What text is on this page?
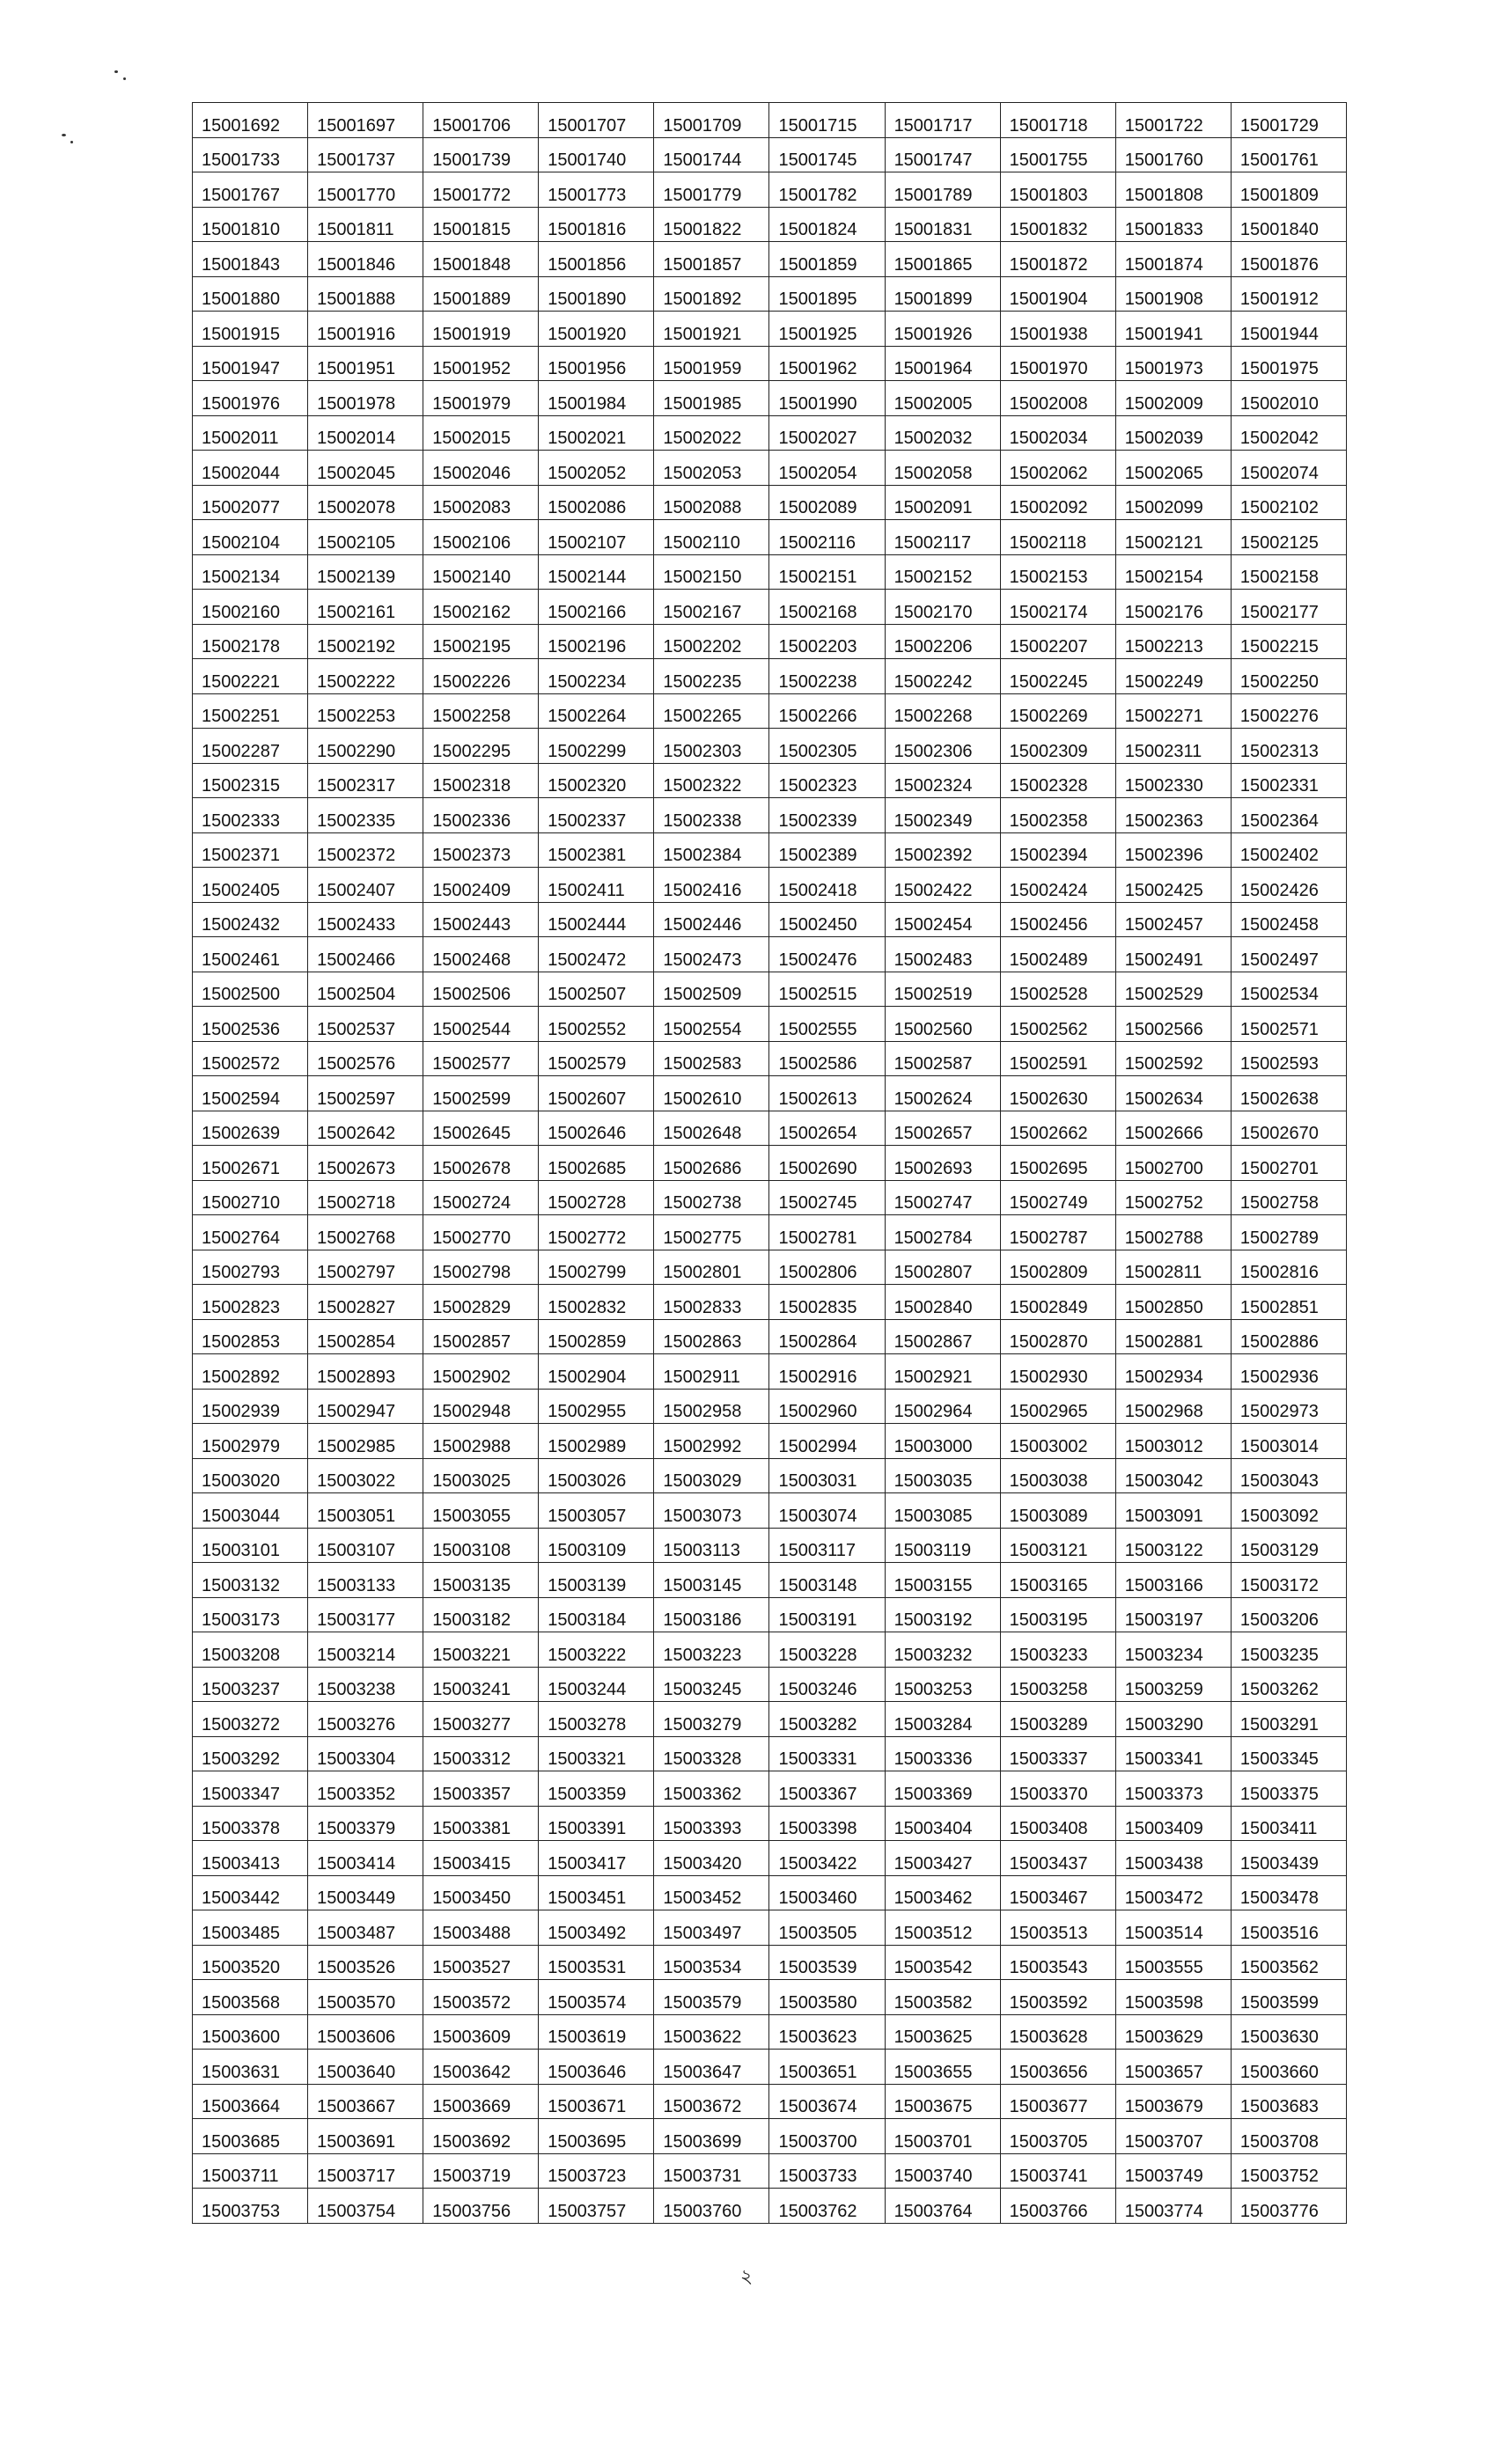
15001692	15001697	15001706	15001707	15001709	15001715	15001717	15001718	15001722	15001729
15001733	15001737	15001739	15001740	15001744	15001745	15001747	15001755	15001760	15001761
15001767	15001770	15001772	15001773	15001779	15001782	15001789	15001803	15001808	15001809
15001810	15001811	15001815	15001816	15001822	15001824	15001831	15001832	15001833	15001840
15001843	15001846	15001848	15001856	15001857	15001859	15001865	15001872	15001874	15001876
15001880	15001888	15001889	15001890	15001892	15001895	15001899	15001904	15001908	15001912
15001915	15001916	15001919	15001920	15001921	15001925	15001926	15001938	15001941	15001944
15001947	15001951	15001952	15001956	15001959	15001962	15001964	15001970	15001973	15001975
15001976	15001978	15001979	15001984	15001985	15001990	15002005	15002008	15002009	15002010
15002011	15002014	15002015	15002021	15002022	15002027	15002032	15002034	15002039	15002042
15002044	15002045	15002046	15002052	15002053	15002054	15002058	15002062	15002065	15002074
15002077	15002078	15002083	15002086	15002088	15002089	15002091	15002092	15002099	15002102
15002104	15002105	15002106	15002107	15002110	15002116	15002117	15002118	15002121	15002125
15002134	15002139	15002140	15002144	15002150	15002151	15002152	15002153	15002154	15002158
15002160	15002161	15002162	15002166	15002167	15002168	15002170	15002174	15002176	15002177
15002178	15002192	15002195	15002196	15002202	15002203	15002206	15002207	15002213	15002215
15002221	15002222	15002226	15002234	15002235	15002238	15002242	15002245	15002249	15002250
15002251	15002253	15002258	15002264	15002265	15002266	15002268	15002269	15002271	15002276
15002287	15002290	15002295	15002299	15002303	15002305	15002306	15002309	15002311	15002313
15002315	15002317	15002318	15002320	15002322	15002323	15002324	15002328	15002330	15002331
15002333	15002335	15002336	15002337	15002338	15002339	15002349	15002358	15002363	15002364
15002371	15002372	15002373	15002381	15002384	15002389	15002392	15002394	15002396	15002402
15002405	15002407	15002409	15002411	15002416	15002418	15002422	15002424	15002425	15002426
15002432	15002433	15002443	15002444	15002446	15002450	15002454	15002456	15002457	15002458
15002461	15002466	15002468	15002472	15002473	15002476	15002483	15002489	15002491	15002497
15002500	15002504	15002506	15002507	15002509	15002515	15002519	15002528	15002529	15002534
15002536	15002537	15002544	15002552	15002554	15002555	15002560	15002562	15002566	15002571
15002572	15002576	15002577	15002579	15002583	15002586	15002587	15002591	15002592	15002593
15002594	15002597	15002599	15002607	15002610	15002613	15002624	15002630	15002634	15002638
15002639	15002642	15002645	15002646	15002648	15002654	15002657	15002662	15002666	15002670
15002671	15002673	15002678	15002685	15002686	15002690	15002693	15002695	15002700	15002701
15002710	15002718	15002724	15002728	15002738	15002745	15002747	15002749	15002752	15002758
15002764	15002768	15002770	15002772	15002775	15002781	15002784	15002787	15002788	15002789
15002793	15002797	15002798	15002799	15002801	15002806	15002807	15002809	15002811	15002816
15002823	15002827	15002829	15002832	15002833	15002835	15002840	15002849	15002850	15002851
15002853	15002854	15002857	15002859	15002863	15002864	15002867	15002870	15002881	15002886
15002892	15002893	15002902	15002904	15002911	15002916	15002921	15002930	15002934	15002936
15002939	15002947	15002948	15002955	15002958	15002960	15002964	15002965	15002968	15002973
15002979	15002985	15002988	15002989	15002992	15002994	15003000	15003002	15003012	15003014
15003020	15003022	15003025	15003026	15003029	15003031	15003035	15003038	15003042	15003043
15003044	15003051	15003055	15003057	15003073	15003074	15003085	15003089	15003091	15003092
15003101	15003107	15003108	15003109	15003113	15003117	15003119	15003121	15003122	15003129
15003132	15003133	15003135	15003139	15003145	15003148	15003155	15003165	15003166	15003172
15003173	15003177	15003182	15003184	15003186	15003191	15003192	15003195	15003197	15003206
15003208	15003214	15003221	15003222	15003223	15003228	15003232	15003233	15003234	15003235
15003237	15003238	15003241	15003244	15003245	15003246	15003253	15003258	15003259	15003262
15003272	15003276	15003277	15003278	15003279	15003282	15003284	15003289	15003290	15003291
15003292	15003304	15003312	15003321	15003328	15003331	15003336	15003337	15003341	15003345
15003347	15003352	15003357	15003359	15003362	15003367	15003369	15003370	15003373	15003375
15003378	15003379	15003381	15003391	15003393	15003398	15003404	15003408	15003409	15003411
15003413	15003414	15003415	15003417	15003420	15003422	15003427	15003437	15003438	15003439
15003442	15003449	15003450	15003451	15003452	15003460	15003462	15003467	15003472	15003478
15003485	15003487	15003488	15003492	15003497	15003505	15003512	15003513	15003514	15003516
15003520	15003526	15003527	15003531	15003534	15003539	15003542	15003543	15003555	15003562
15003568	15003570	15003572	15003574	15003579	15003580	15003582	15003592	15003598	15003599
15003600	15003606	15003609	15003619	15003622	15003623	15003625	15003628	15003629	15003630
15003631	15003640	15003642	15003646	15003647	15003651	15003655	15003656	15003657	15003660
15003664	15003667	15003669	15003671	15003672	15003674	15003675	15003677	15003679	15003683
15003685	15003691	15003692	15003695	15003699	15003700	15003701	15003705	15003707	15003708
15003711	15003717	15003719	15003723	15003731	15003733	15003740	15003741	15003749	15003752
15003753	15003754	15003756	15003757	15003760	15003762	15003764	15003766	15003774	15003776
২
